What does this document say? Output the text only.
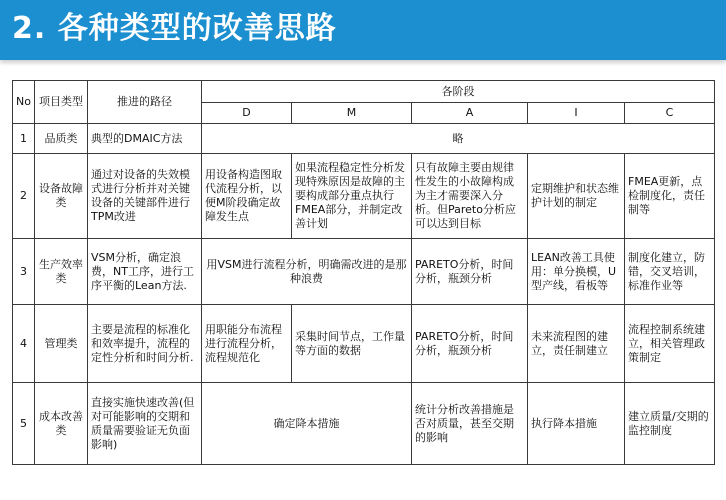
2. 各种类型的改善思路
No	项目类型	推进的路径	各阶段				
			D	M	A	I	C
1	品质类	典型的DMAIC方法	略				
2	设备故障类	通过对设备的失效模式进行分析并对关键设备的关键部件进行TPM改进	用设备构造图取代流程分析，以便M阶段确定故障发生点	如果流程稳定性分析发现特殊原因是故障的主要构成部分重点执行FMEA部分，并制定改善计划	只有故障主要由规律性发生的小故障构成为主才需要深入分析。但Pareto分析应可以达到目标	定期维护和状态维护计划的制定	FMEA更新，点检制度化，责任制等
3	生产效率类	VSM分析，确定浪费，NT工序，进行工序平衡的Lean方法.	用VSM进行流程分析，明确需改进的是那种浪费		PARETO分析，时间分析，瓶颈分析	LEAN改善工具使用：单分换模，U型产线，看板等	制度化建立，防错，交叉培训，标准作业等
4	管理类	主要是流程的标准化和效率提升，流程的定性分析和时间分析.	用职能分布流程进行流程分析，流程规范化	采集时间节点，工作量等方面的数据	PARETO分析，时间分析，瓶颈分析	未来流程图的建立，责任制建立	流程控制系统建立，相关管理政策制定
5	成本改善类	直接实施快速改善(但对可能影响的交期和质量需要验证无负面影响)	确定降本措施		统计分析改善措施是否对质量，甚至交期的影响	执行降本措施	建立质量/交期的监控制度
